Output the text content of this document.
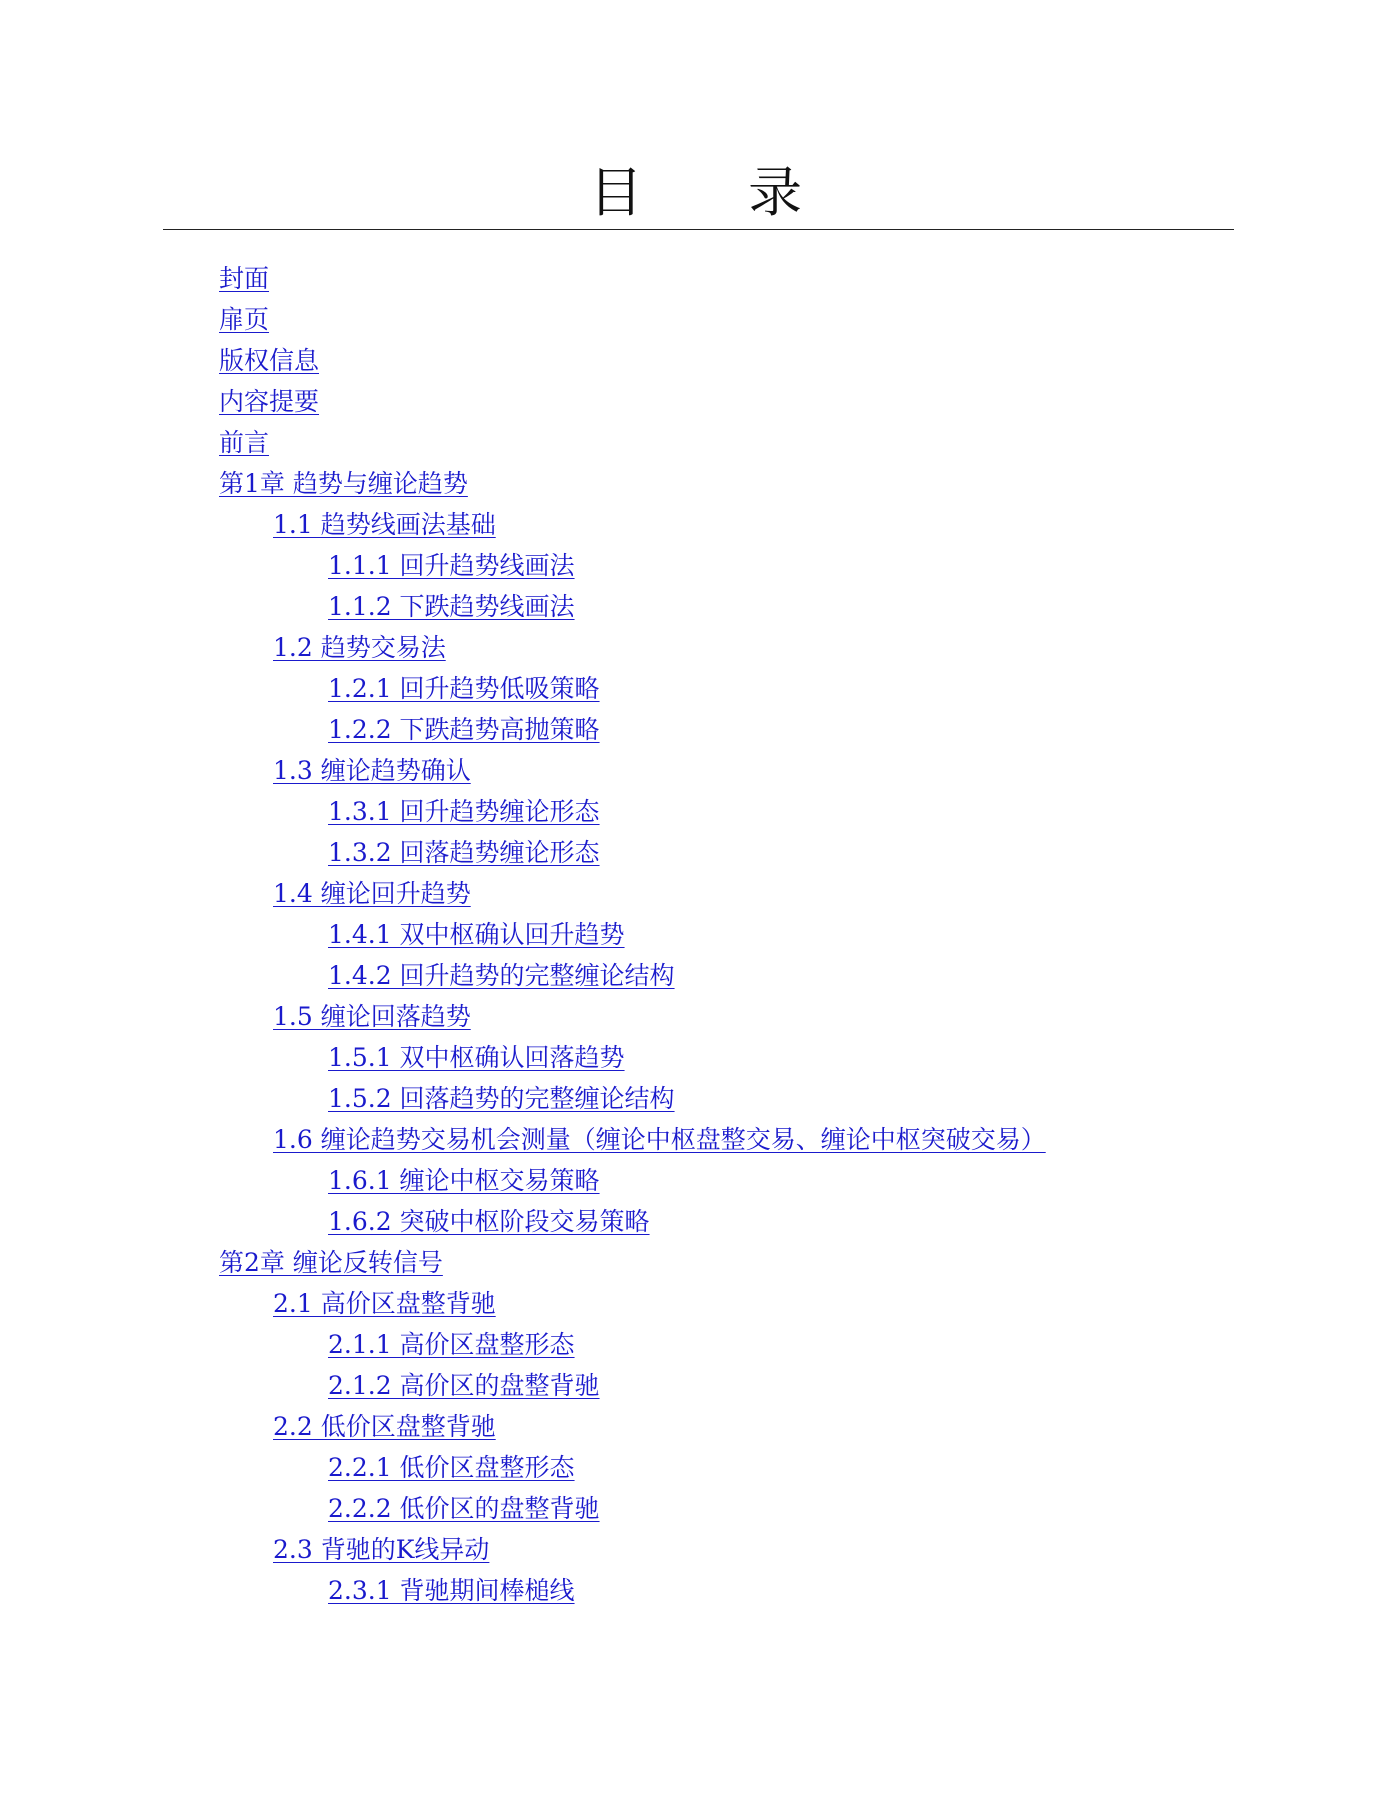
目 录
封面
扉页
版权信息
内容提要
前言
第1章 趋势与缠论趋势
1.1 趋势线画法基础
1.1.1 回升趋势线画法
1.1.2 下跌趋势线画法
1.2 趋势交易法
1.2.1 回升趋势低吸策略
1.2.2 下跌趋势高抛策略
1.3 缠论趋势确认
1.3.1 回升趋势缠论形态
1.3.2 回落趋势缠论形态
1.4 缠论回升趋势
1.4.1 双中枢确认回升趋势
1.4.2 回升趋势的完整缠论结构
1.5 缠论回落趋势
1.5.1 双中枢确认回落趋势
1.5.2 回落趋势的完整缠论结构
1.6 缠论趋势交易机会测量（缠论中枢盘整交易、缠论中枢突破交易）
1.6.1 缠论中枢交易策略
1.6.2 突破中枢阶段交易策略
第2章 缠论反转信号
2.1 高价区盘整背驰
2.1.1 高价区盘整形态
2.1.2 高价区的盘整背驰
2.2 低价区盘整背驰
2.2.1 低价区盘整形态
2.2.2 低价区的盘整背驰
2.3 背驰的K线异动
2.3.1 背驰期间棒槌线
